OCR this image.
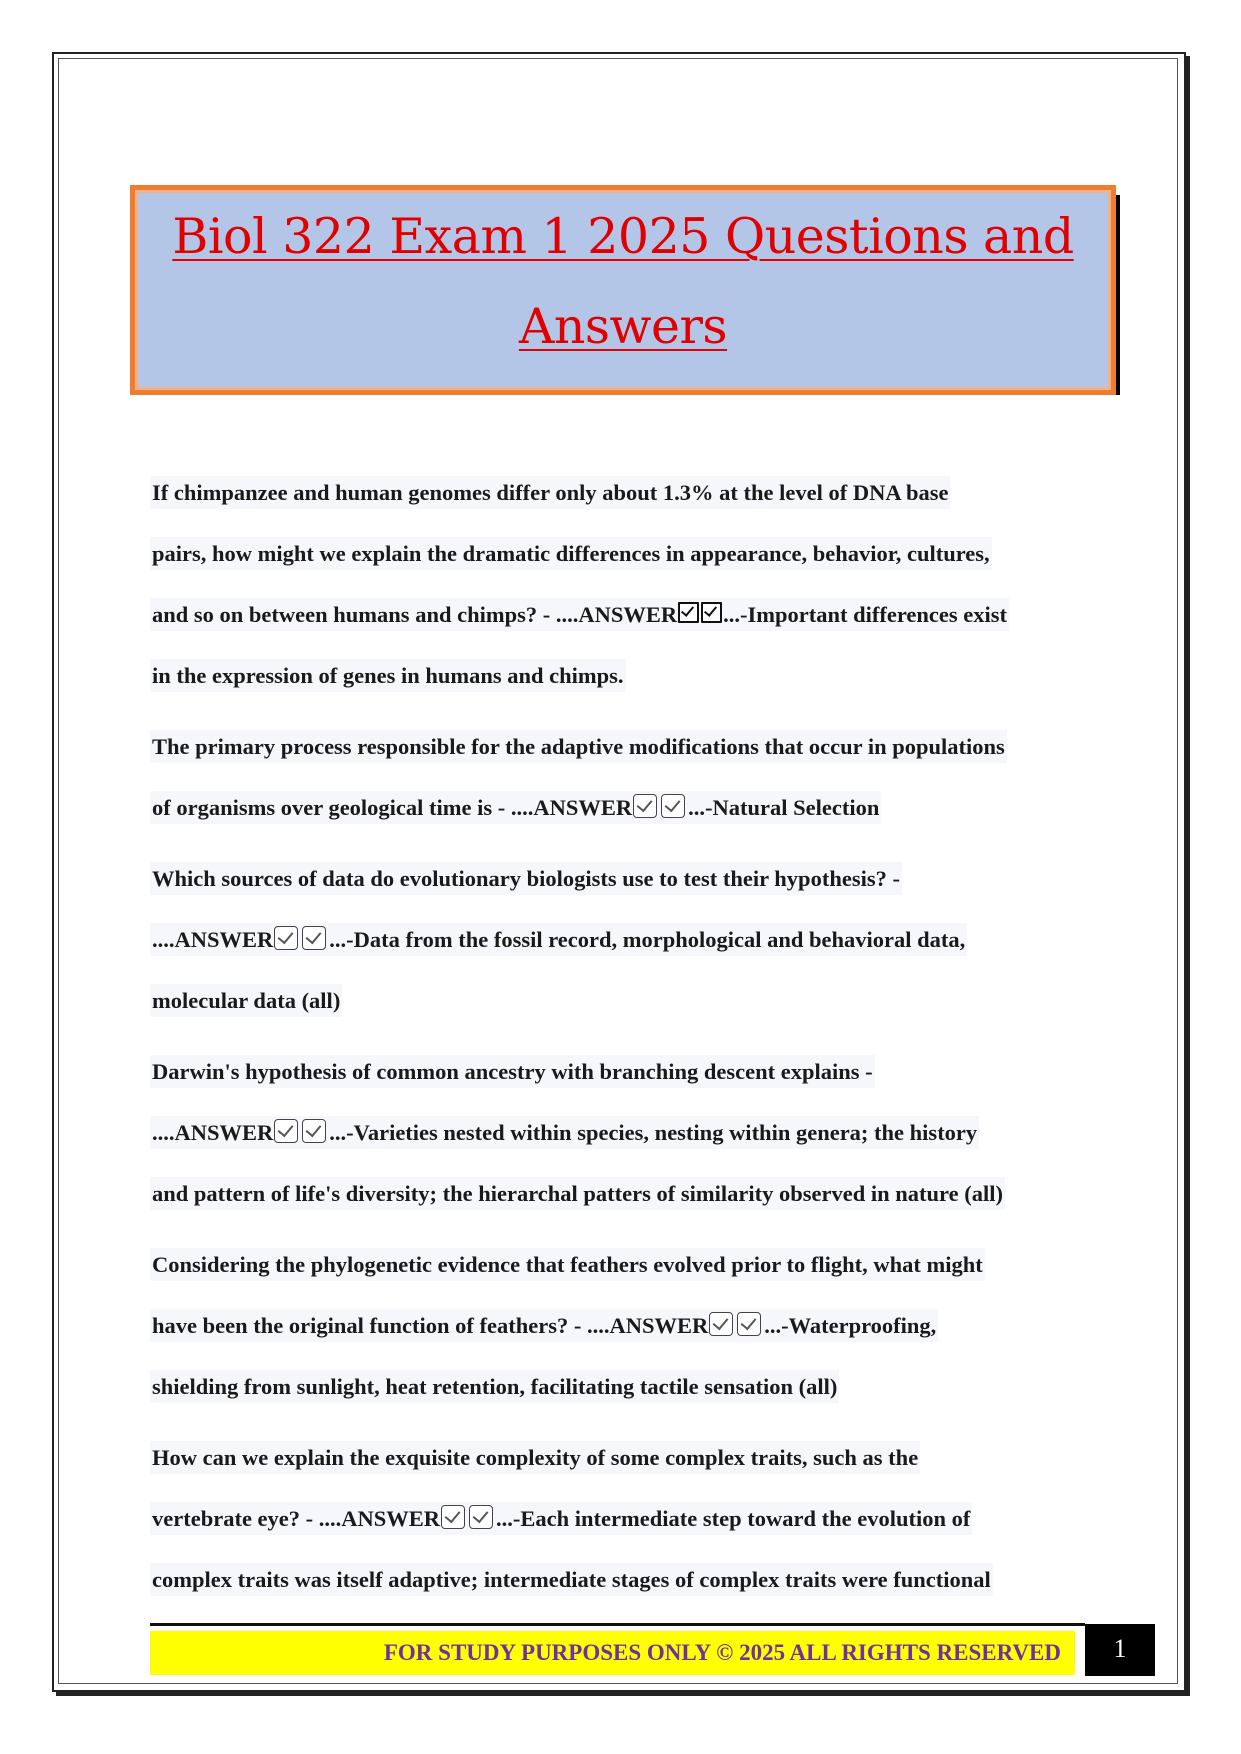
Biol 322 Exam 1 2025 Questions and
Answers
If chimpanzee and human genomes differ only about 1.3% at the level of DNA base
pairs, how might we explain the dramatic differences in appearance, behavior, cultures,
and so on between humans and chimps? - ....ANSWER ...-Important differences exist
in the expression of genes in humans and chimps.
The primary process responsible for the adaptive modifications that occur in populations
of organisms over geological time is - ....ANSWER ...-Natural Selection
Which sources of data do evolutionary biologists use to test their hypothesis? -
....ANSWER ...-Data from the fossil record, morphological and behavioral data,
molecular data (all)
Darwin's hypothesis of common ancestry with branching descent explains -
....ANSWER ...-Varieties nested within species, nesting within genera; the history
and pattern of life's diversity; the hierarchal patters of similarity observed in nature (all)
Considering the phylogenetic evidence that feathers evolved prior to flight, what might
have been the original function of feathers? - ....ANSWER ...-Waterproofing,
shielding from sunlight, heat retention, facilitating tactile sensation (all)
How can we explain the exquisite complexity of some complex traits, such as the
vertebrate eye? - ....ANSWER ...-Each intermediate step toward the evolution of
complex traits was itself adaptive; intermediate stages of complex traits were functional
FOR STUDY PURPOSES ONLY © 2025 ALL RIGHTS RESERVED	1
